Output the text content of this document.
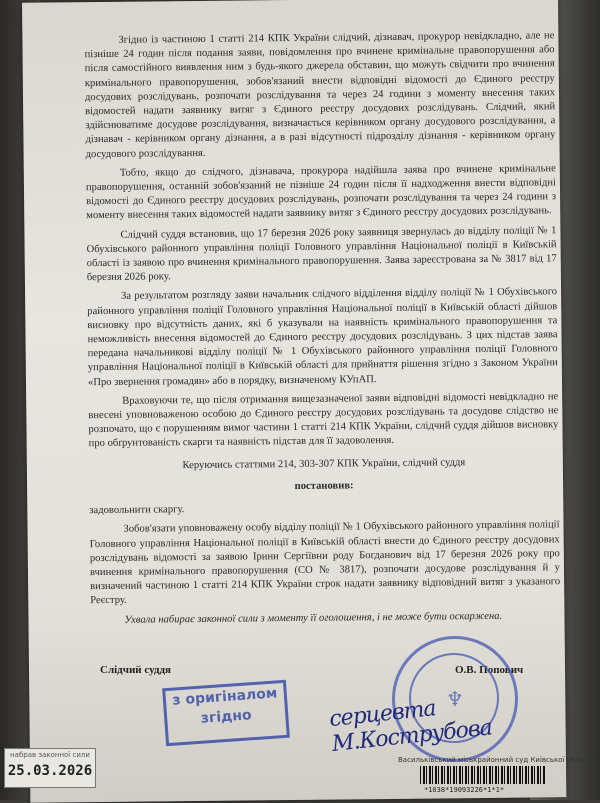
Згідно із частиною 1 статті 214 КПК України слідчий, дізнавач, прокурор невідкладно, але не пізніше 24 годин після подання заяви, повідомлення про вчинене кримінальне правопорушення або після самостійного виявлення ним з будь-якого джерела обставин, що можуть свідчити про вчинення кримінального правопорушення, зобов'язаний внести відповідні відомості до Єдиного реєстру досудових розслідувань, розпочати розслідування та через 24 години з моменту внесення таких відомостей надати заявнику витяг з Єдиного реєстру досудових розслідувань. Слідчий, який здійснюватиме досудове розслідування, визначається керівником органу досудового розслідування, а дізнавач - керівником органу дізнання, а в разі відсутності підрозділу дізнання - керівником органу досудового розслідування.

Тобто, якщо до слідчого, дізнавача, прокурора надійшла заява про вчинене кримінальне правопорушення, останній зобов'язаний не пізніше 24 годин після її надходження внести відповідні відомості до Єдиного реєстру досудових розслідувань, розпочати розслідування та через 24 години з моменту внесення таких відомостей надати заявнику витяг з Єдиного реєстру досудових розслідувань.

Слідчий суддя встановив, що 17 березня 2026 року заявниця звернулась до відділу поліції № 1 Обухівського районного управління поліції Головного управління Національної поліції в Київській області із заявою про вчинення кримінального правопорушення. Заява зареєстрована за № 3817 від 17 березня 2026 року.

За результатом розгляду заяви начальник слідчого відділення відділу поліції № 1 Обухівського районного управління поліції Головного управління Національної поліції в Київській області дійшов висновку про відсутність даних, які б указували на наявність кримінального правопорушення та неможливість внесення відомостей до Єдиного реєстру досудових розслідувань. З цих підстав заява передана начальникові відділу поліції № 1 Обухівського районного управління поліції Головного управління Національної поліції в Київській області для прийняття рішення згідно з Законом України «Про звернення громадян» або в порядку, визначеному КУпАП.

Враховуючи те, що після отримання вищезазначеної заяви відповідні відомості невідкладно не внесені уповноваженою особою до Єдиного реєстру досудових розслідувань та досудове слідство не розпочато, що є порушенням вимог частини 1 статті 214 КПК України, слідчий суддя дійшов висновку про обґрунтованість скарги та наявність підстав для її задоволення.

Керуючись статтями 214, 303-307 КПК України, слідчий суддя

постановив:

задовольнити скаргу.

Зобов'язати уповноважену особу відділу поліції № 1 Обухівського районного управління поліції Головного управління Національної поліції в Київській області внести до Єдиного реєстру досудових розслідувань відомості за заявою Ірини Сергіївни роду Богданович від 17 березня 2026 року про вчинення кримінального правопорушення (СО № 3817), розпочати досудове розслідування й у визначений частиною 1 статті 214 КПК України строк надати заявнику відповідний витяг з указаного Реєстру.

Ухвала набирає законної сили з моменту її оголошення, і не може бути оскаржена.

Слідчий суддя	О.В. Попович
♆
з оригіналом
згідно	серцевта М.Кострубова
набрав законної сили
25.03.2026
Васильківський міськрайонний суд Київської області
*1038*19093226*1*1*
